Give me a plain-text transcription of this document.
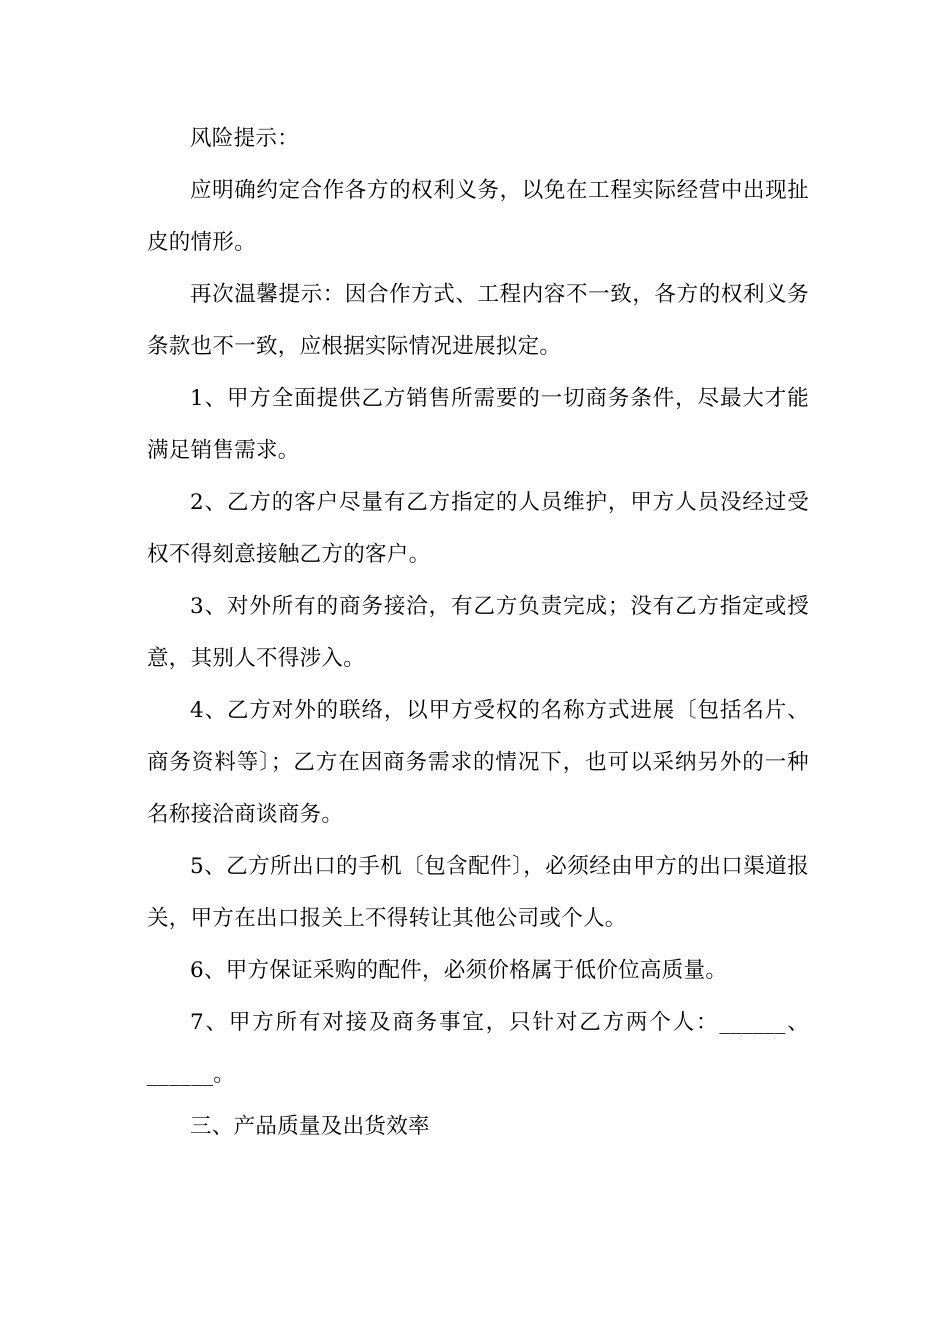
风险提示：

应明确约定合作各方的权利义务，以免在工程实际经营中出现扯皮的情形。

再次温馨提示：因合作方式、工程内容不一致，各方的权利义务条款也不一致，应根据实际情况进展拟定。

1、甲方全面提供乙方销售所需要的一切商务条件，尽最大才能满足销售需求。

2、乙方的客户尽量有乙方指定的人员维护，甲方人员没经过受权不得刻意接触乙方的客户。

3、对外所有的商务接洽，有乙方负责完成；没有乙方指定或授意，其别人不得涉入。

4、乙方对外的联络，以甲方受权的名称方式进展〔包括名片、商务资料等〕；乙方在因商务需求的情况下，也可以采纳另外的一种名称接洽商谈商务。

5、乙方所出口的手机〔包含配件〕，必须经由甲方的出口渠道报关，甲方在出口报关上不得转让其他公司或个人。

6、甲方保证采购的配件，必须价格属于低价位高质量。

7、甲方所有对接及商务事宜，只针对乙方两个人：______、______。

三、产品质量及出货效率
